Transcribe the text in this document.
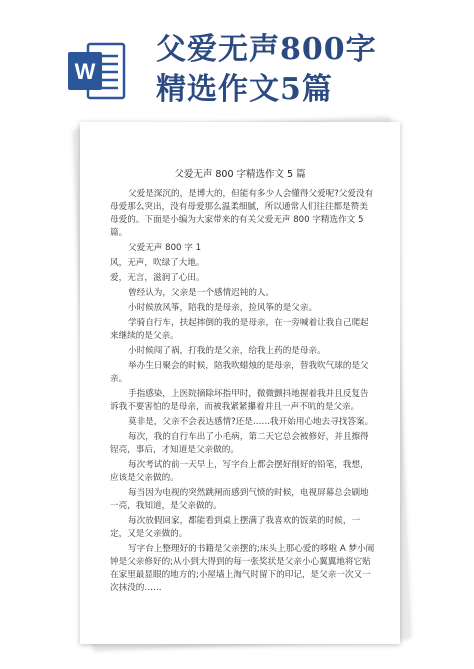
W
父爱无声800字
精选作文5篇
父爱无声 800 字精选作文 5 篇

父爱是深沉的，是博大的，但能有多少人会懂得父爱呢?父爱没有母爱那么突出，没有母爱那么温柔细腻，所以通常人们往往都是赞美母爱的。下面是小编为大家带来的有关父爱无声 800 字精选作文 5 篇。

父爱无声 800 字 1

风，无声，吹绿了大地。

爱，无言，滋润了心田。

曾经认为，父亲是一个感情迟钝的人。

小时候放风筝，陪我的是母亲，捡风筝的是父亲。

学骑自行车，扶起摔倒的我的是母亲，在一旁喊着让我自己爬起来继续的是父亲。

小时候闯了祸，打我的是父亲，给我上药的是母亲。

举办生日聚会的时候，陪我吹蜡烛的是母亲，替我吹气球的是父亲。

手指感染，上医院摘除坏指甲时，微微颤抖地握着我并且反复告诉我不要害怕的是母亲，而被我紧紧攥着并且一声不吭的是父亲。

莫非是，父亲不会表达感情?还是……我开始用心地去寻找答案。

每次，我的自行车出了小毛病，第二天它总会被修好，并且擦得锃亮，事后，才知道是父亲做的。

每次考试的前一天早上，写字台上都会摆好削好的铅笔，我想，应该是父亲做的。

每当因为电视的突然跳闸而感到气愤的时候，电视屏幕总会刷地一亮，我知道，是父亲做的。

每次放假回家，都能看到桌上摆满了我喜欢的饭菜的时候，一定，又是父亲做的。

写字台上整理好的书籍是父亲摆的;床头上那心爱的哆啦 A 梦小闹钟是父亲修好的;从小到大得到的每一张奖状是父亲小心翼翼地将它贴在家里最显眼的地方的;小屋墙上淘气时留下的印记，是父亲一次又一次抹没的……
